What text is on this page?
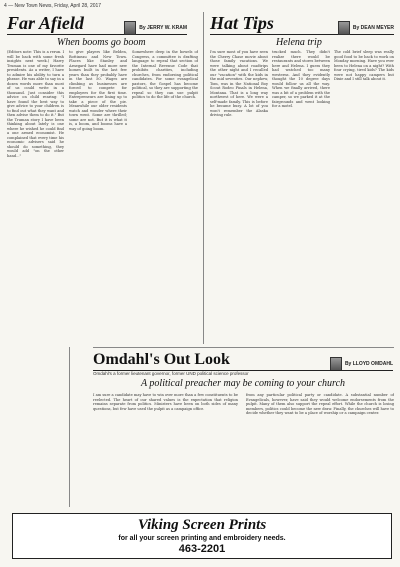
4 — New Town News, Friday, April 28, 2017
Far Afield	By JERRY W. KRAM
When booms go boom
Hat Tips	By DEAN MEYER
Helena trip
(Editors note: This is a rerun. I will be back with some fresh insights next week.) Harry Truman is one of my favorite presidents. As a writer, I have to admire his ability to turn a phrase. He was able to say in a dozen words more than most of us could write in a thousand. Just consider this advice on child rearing: "I have found the best way to give advice to your children is to find out what they want and then advise them to do it." But the Truman story I have been thinking about lately is one where he wished he could find a one armed economist. He complained that every time his economic advisers said he should do something, they would add "on the other hand..."
to give players like Belden, Bottineau and New Town. Places like Stanley and Arnegard have had more new homes built in the last few years than they probably have in the last 50. Wages are climbing as businesses are forced to compete for employees for the first time. Entrepreneurs are lining up to take a piece of the pie. Meanwhile our older residents watch and wonder where their town went. Some are thrilled; some are not. But it is what it is, a boom, and booms have a way of going boom.
Somewhere deep in the bowels of Congress, a committee is drafting language to repeal that section of the Internal Revenue Code that prohibits charities, including churches, from endorsing political candidates. For some evangelical pastors, the Gospel has become political, so they are supporting the repeal so they can use pulpit politics to do the life of the church.
I'm sure most of you have seen the Cherry Chase movie about those family vacations. We were talking about roadtrips the other night and I recalled our "vacation" with the kids in the mid seventies. Our nephew, Tom, was in the National Boy Scout Rodeo Finals in Helena, Montana. That is a long way northwest of here. We were a self-made family. This is before he became busy. A lot of you won't remember the Alaska driving rule.
trucked much. They didn't realize there would be restaurants and stores between here and Helena. I guess they had watched too many westerns. And they evidently thought the 10 degree days would follow us all the way. When we finally arrived, there was a bit of a problem with the camper, so we parked it at the fairgrounds and went looking for a motel.
The cold brief sleep was really good food to be back to work on Monday morning. Have you ever been to Helena on a night? With four crying, tired kids? The kids were not happy campers but Dixie and I still talk about it.
Omdahl's Out Look	By LLOYD OMDAHL
Omdahl's a former lieutenant governor, former UND political science professor
A political preacher may be coming to your church
I am sure a candidate may have to win over more than a few constituents to be reelected. The heart of our shared values is the expectation that religion remains separate from politics. Ministers have been on both sides of many questions, but few have used the pulpit as a campaign office.
from any particular political party or candidate. A substantial number of Evangelicals, however, have said they would welcome endorsements from the pulpit. Many of them also support the repeal effort. While the church is losing members, politics could become the new draw. Finally, the churches will have to decide whether they want to be a place of worship or a campaign center.
Viking Screen Prints
for all your screen printing and embroidery needs.
463-2201
